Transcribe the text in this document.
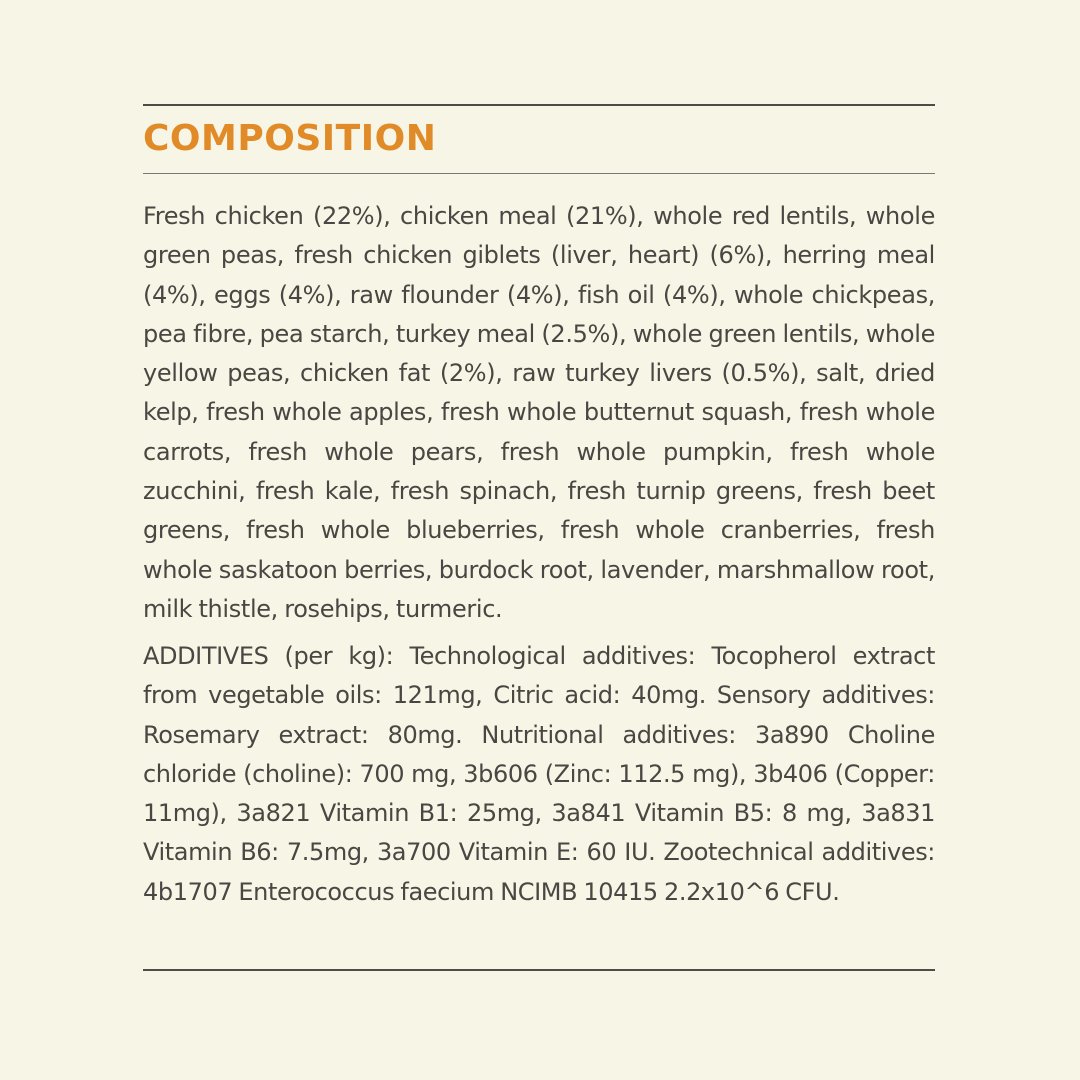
COMPOSITION

Fresh chicken (22%), chicken meal (21%), whole red lentils, whole green peas, fresh chicken giblets (liver, heart) (6%), herring meal (4%), eggs (4%), raw flounder (4%), fish oil (4%), whole chickpeas, pea fibre, pea starch, turkey meal (2.5%), whole green lentils, whole yellow peas, chicken fat (2%), raw turkey livers (0.5%), salt, dried kelp, fresh whole apples, fresh whole butternut squash, fresh whole carrots, fresh whole pears, fresh whole pumpkin, fresh whole zucchini, fresh kale, fresh spinach, fresh turnip greens, fresh beet greens, fresh whole blueberries, fresh whole cranberries, fresh whole saskatoon berries, burdock root, lavender, marshmallow root, milk thistle, rosehips, turmeric.

ADDITIVES (per kg): Technological additives: Tocopherol extract from vegetable oils: 121mg, Citric acid: 40mg. Sensory additives: Rosemary extract: 80mg. Nutritional additives: 3a890 Choline chloride (choline): 700 mg, 3b606 (Zinc: 112.5 mg), 3b406 (Copper: 11mg), 3a821 Vitamin B1: 25mg, 3a841 Vitamin B5: 8 mg, 3a831 Vitamin B6: 7.5mg, 3a700 Vitamin E: 60 IU. Zootechnical additives: 4b1707 Enterococcus faecium NCIMB 10415 2.2x10^6 CFU.
